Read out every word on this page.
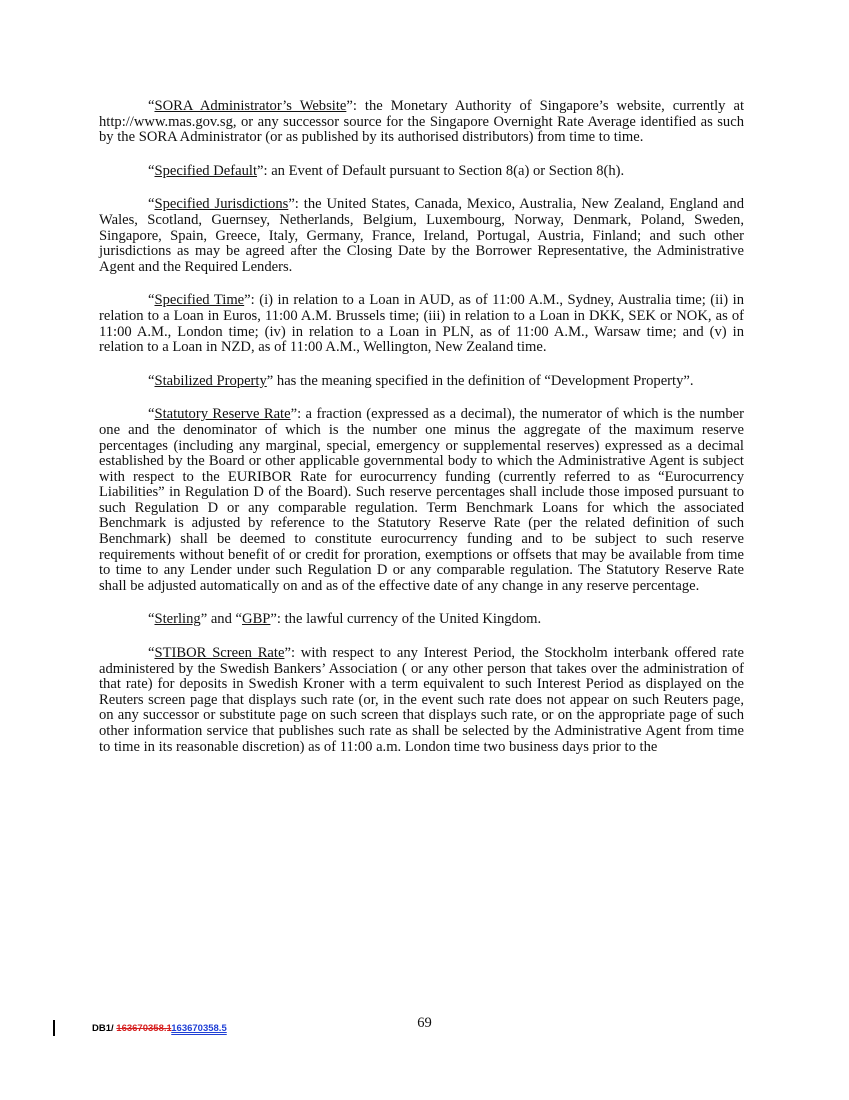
“SORA Administrator’s Website”: the Monetary Authority of Singapore’s website, currently at http://www.mas.gov.sg, or any successor source for the Singapore Overnight Rate Average identified as such by the SORA Administrator (or as published by its authorised distributors) from time to time.

“Specified Default”: an Event of Default pursuant to Section 8(a) or Section 8(h).

“Specified Jurisdictions”: the United States, Canada, Mexico, Australia, New Zealand, England and Wales, Scotland, Guernsey, Netherlands, Belgium, Luxembourg, Norway, Denmark, Poland, Sweden, Singapore, Spain, Greece, Italy, Germany, France, Ireland, Portugal, Austria, Finland; and such other jurisdictions as may be agreed after the Closing Date by the Borrower Representative, the Administrative Agent and the Required Lenders.

“Specified Time”: (i) in relation to a Loan in AUD, as of 11:00 A.M., Sydney, Australia time; (ii) in relation to a Loan in Euros, 11:00 A.M. Brussels time; (iii) in relation to a Loan in DKK, SEK or NOK, as of 11:00 A.M., London time; (iv) in relation to a Loan in PLN, as of 11:00 A.M., Warsaw time; and (v) in relation to a Loan in NZD, as of 11:00 A.M., Wellington, New Zealand time.

“Stabilized Property” has the meaning specified in the definition of “Development Property”.

“Statutory Reserve Rate”: a fraction (expressed as a decimal), the numerator of which is the number one and the denominator of which is the number one minus the aggregate of the maximum reserve percentages (including any marginal, special, emergency or supplemental reserves) expressed as a decimal established by the Board or other applicable governmental body to which the Administrative Agent is subject with respect to the EURIBOR Rate for eurocurrency funding (currently referred to as “Eurocurrency Liabilities” in Regulation D of the Board). Such reserve percentages shall include those imposed pursuant to such Regulation D or any comparable regulation. Term Benchmark Loans for which the associated Benchmark is adjusted by reference to the Statutory Reserve Rate (per the related definition of such Benchmark) shall be deemed to constitute eurocurrency funding and to be subject to such reserve requirements without benefit of or credit for proration, exemptions or offsets that may be available from time to time to any Lender under such Regulation D or any comparable regulation. The Statutory Reserve Rate shall be adjusted automatically on and as of the effective date of any change in any reserve percentage.

“Sterling” and “GBP”: the lawful currency of the United Kingdom.

“STIBOR Screen Rate”: with respect to any Interest Period, the Stockholm interbank offered rate administered by the Swedish Bankers’ Association ( or any other person that takes over the administration of that rate) for deposits in Swedish Kroner with a term equivalent to such Interest Period as displayed on the Reuters screen page that displays such rate (or, in the event such rate does not appear on such Reuters page, on any successor or substitute page on such screen that displays such rate, or on the appropriate page of such other information service that publishes such rate as shall be selected by the Administrative Agent from time to time in its reasonable discretion) as of 11:00 a.m. London time two business days prior to the

DB1/ 163670358.1163670358.5	69
